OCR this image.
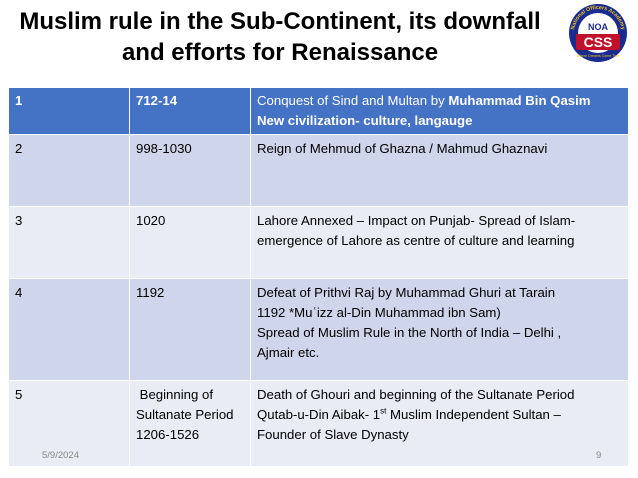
Muslim rule in the Sub-Continent, its downfall
and efforts for Renaissance
National Officers Academy
NOA
CSS
Where Dreams Come True
1	712-14	Conquest of Sind and Multan by Muhammad Bin Qasim
New civilization- culture, langauge
2	998-1030	Reign of Mehmud of Ghazna / Mahmud Ghaznavi
3	1020	Lahore Annexed – Impact on Punjab- Spread of Islam-
emergence of Lahore as centre of culture and learning
4	1192	Defeat of Prithvi Raj by Muhammad Ghuri at Tarain
1192 *Muʿizz al-Din Muhammad ibn Sam)
Spread of Muslim Rule in the North of India – Delhi ,
Ajmair etc.
5	Beginning of
Sultanate Period
1206-1526	Death of Ghouri and beginning of the Sultanate Period
Qutab-u-Din Aibak- 1st Muslim Independent Sultan –
Founder of Slave Dynasty
5/9/2024	9
